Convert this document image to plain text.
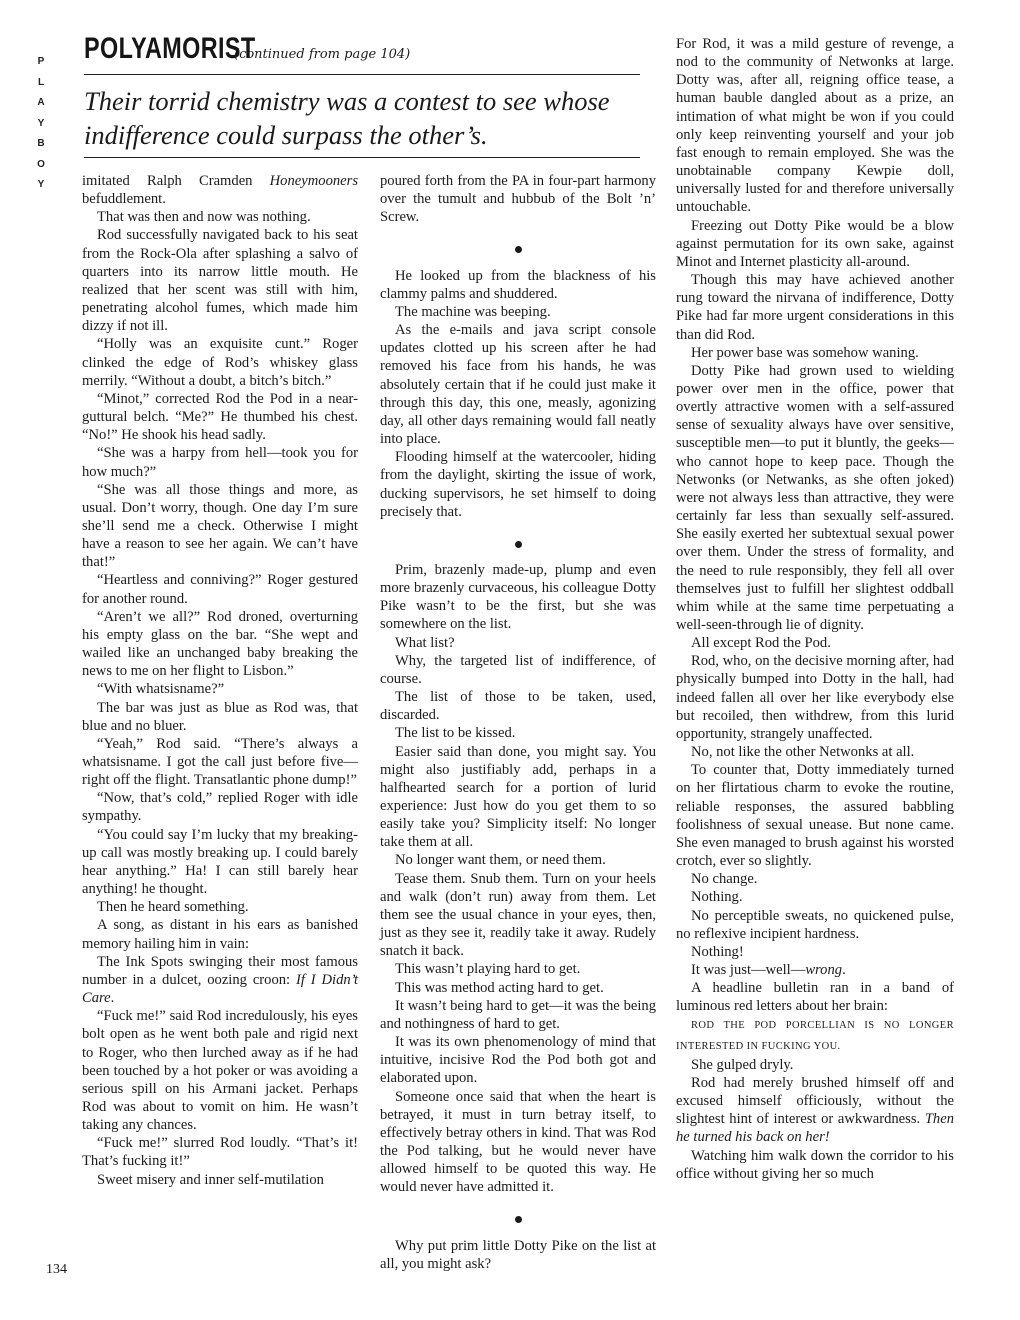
P
L
A
Y
B
O
Y
POLYAMORIST
(continued from page 104)
Their torrid chemistry was a contest to see whose indifference could surpass the other’s.

imitated Ralph Cramden Honeymooners befuddlement.

That was then and now was nothing.

Rod successfully navigated back to his seat from the Rock-Ola after splashing a salvo of quarters into its narrow little mouth. He realized that her scent was still with him, penetrating alcohol fumes, which made him dizzy if not ill.

“Holly was an exquisite cunt.” Roger clinked the edge of Rod’s whiskey glass merrily. “Without a doubt, a bitch’s bitch.”

“Minot,” corrected Rod the Pod in a near-guttural belch. “Me?” He thumbed his chest. “No!” He shook his head sadly.

“She was a harpy from hell—took you for how much?”

“She was all those things and more, as usual. Don’t worry, though. One day I’m sure she’ll send me a check. Otherwise I might have a reason to see her again. We can’t have that!”

“Heartless and conniving?” Roger gestured for another round.

“Aren’t we all?” Rod droned, overturning his empty glass on the bar. “She wept and wailed like an unchanged baby breaking the news to me on her flight to Lisbon.”

“With whatsisname?”

The bar was just as blue as Rod was, that blue and no bluer.

“Yeah,” Rod said. “There’s always a whatsisname. I got the call just before five—right off the flight. Transatlantic phone dump!”

“Now, that’s cold,” replied Roger with idle sympathy.

“You could say I’m lucky that my breaking-up call was mostly breaking up. I could barely hear anything.” Ha! I can still barely hear anything! he thought.

Then he heard something.

A song, as distant in his ears as banished memory hailing him in vain:

The Ink Spots swinging their most famous number in a dulcet, oozing croon: If I Didn’t Care.

“Fuck me!” said Rod incredulously, his eyes bolt open as he went both pale and rigid next to Roger, who then lurched away as if he had been touched by a hot poker or was avoiding a serious spill on his Armani jacket. Perhaps Rod was about to vomit on him. He wasn’t taking any chances.

“Fuck me!” slurred Rod loudly. “That’s it! That’s fucking it!”

Sweet misery and inner self-mutilation

poured forth from the PA in four-part harmony over the tumult and hubbub of the Bolt ’n’ Screw.

He looked up from the blackness of his clammy palms and shuddered.

The machine was beeping.

As the e-mails and java script console updates clotted up his screen after he had removed his face from his hands, he was absolutely certain that if he could just make it through this day, this one, measly, agonizing day, all other days remaining would fall neatly into place.

Flooding himself at the watercooler, hiding from the daylight, skirting the issue of work, ducking supervisors, he set himself to doing precisely that.

Prim, brazenly made-up, plump and even more brazenly curvaceous, his colleague Dotty Pike wasn’t to be the first, but she was somewhere on the list.

What list?

Why, the targeted list of indifference, of course.

The list of those to be taken, used, discarded.

The list to be kissed.

Easier said than done, you might say. You might also justifiably add, perhaps in a halfhearted search for a portion of lurid experience: Just how do you get them to so easily take you? Simplicity itself: No longer take them at all.

No longer want them, or need them.

Tease them. Snub them. Turn on your heels and walk (don’t run) away from them. Let them see the usual chance in your eyes, then, just as they see it, readily take it away. Rudely snatch it back.

This wasn’t playing hard to get.

This was method acting hard to get.

It wasn’t being hard to get—it was the being and nothingness of hard to get.

It was its own phenomenology of mind that intuitive, incisive Rod the Pod both got and elaborated upon.

Someone once said that when the heart is betrayed, it must in turn betray itself, to effectively betray others in kind. That was Rod the Pod talking, but he would never have allowed himself to be quoted this way. He would never have admitted it.

Why put prim little Dotty Pike on the list at all, you might ask?

For Rod, it was a mild gesture of revenge, a nod to the community of Netwonks at large. Dotty was, after all, reigning office tease, a human bauble dangled about as a prize, an intimation of what might be won if you could only keep reinventing yourself and your job fast enough to remain employed. She was the unobtainable company Kewpie doll, universally lusted for and therefore universally untouchable.

Freezing out Dotty Pike would be a blow against permutation for its own sake, against Minot and Internet plasticity all-around.

Though this may have achieved another rung toward the nirvana of indifference, Dotty Pike had far more urgent considerations in this than did Rod.

Her power base was somehow waning.

Dotty Pike had grown used to wielding power over men in the office, power that overtly attractive women with a self-assured sense of sexuality always have over sensitive, susceptible men—to put it bluntly, the geeks—who cannot hope to keep pace. Though the Netwonks (or Netwanks, as she often joked) were not always less than attractive, they were certainly far less than sexually self-assured. She easily exerted her subtextual sexual power over them. Under the stress of formality, and the need to rule responsibly, they fell all over themselves just to fulfill her slightest oddball whim while at the same time perpetuating a well-seen-through lie of dignity.

All except Rod the Pod.

Rod, who, on the decisive morning after, had physically bumped into Dotty in the hall, had indeed fallen all over her like everybody else but recoiled, then withdrew, from this lurid opportunity, strangely unaffected.

No, not like the other Netwonks at all.

To counter that, Dotty immediately turned on her flirtatious charm to evoke the routine, reliable responses, the assured babbling foolishness of sexual unease. But none came. She even managed to brush against his worsted crotch, ever so slightly.

No change.

Nothing.

No perceptible sweats, no quickened pulse, no reflexive incipient hardness.

Nothing!

It was just—well—wrong.

A headline bulletin ran in a band of luminous red letters about her brain:

ROD THE POD PORCELLIAN IS NO LONGER INTERESTED IN FUCKING YOU.

She gulped dryly.

Rod had merely brushed himself off and excused himself officiously, without the slightest hint of interest or awkwardness. Then he turned his back on her!

Watching him walk down the corridor to his office without giving her so much

134
